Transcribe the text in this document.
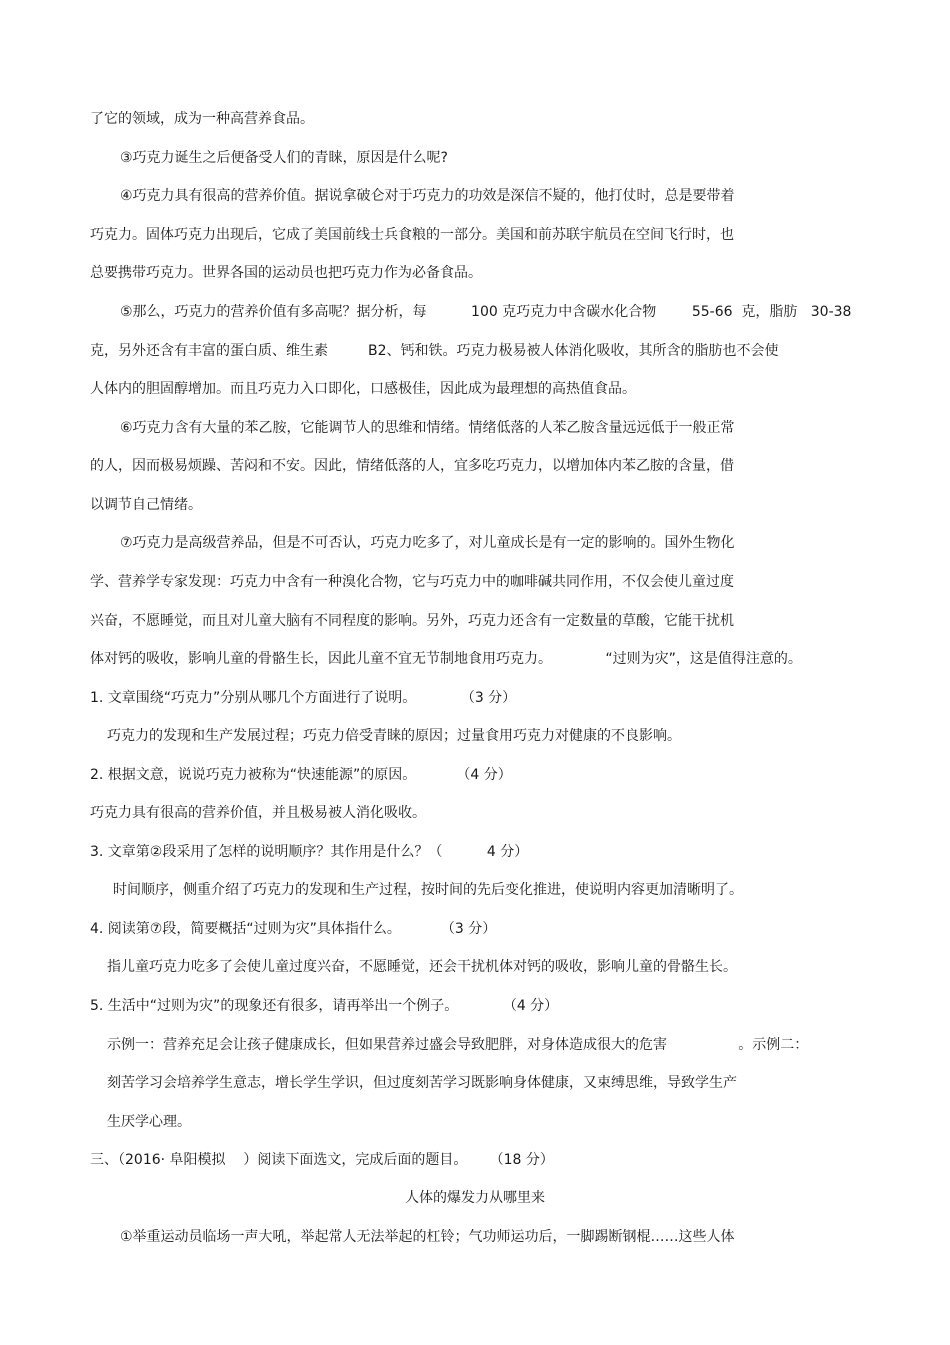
了它的领域，成为一种高营养食品。
③巧克力诞生之后便备受人们的青睐，原因是什么呢?
④巧克力具有很高的营养价值。据说拿破仑对于巧克力的功效是深信不疑的，他打仗时，总是要带着
巧克力。固体巧克力出现后，它成了美国前线士兵食粮的一部分。美国和前苏联宇航员在空间飞行时，也
总要携带巧克力。世界各国的运动员也把巧克力作为必备食品。
⑤那么，巧克力的营养价值有多高呢？据分析，每          100 克巧克力中含碳水化合物        55-66  克，脂肪   30-38
克，另外还含有丰富的蛋白质、维生素         B2、钙和铁。巧克力极易被人体消化吸收，其所含的脂肪也不会使
人体内的胆固醇增加。而且巧克力入口即化，口感极佳，因此成为最理想的高热值食品。
⑥巧克力含有大量的苯乙胺，它能调节人的思维和情绪。情绪低落的人苯乙胺含量远远低于一般正常
的人，因而极易烦躁、苦闷和不安。因此，情绪低落的人，宜多吃巧克力，以增加体内苯乙胺的含量，借
以调节自己情绪。
⑦巧克力是高级营养品，但是不可否认，巧克力吃多了，对儿童成长是有一定的影响的。国外生物化
学、营养学专家发现：巧克力中含有一种溴化合物，它与巧克力中的咖啡碱共同作用，不仅会使儿童过度
兴奋，不愿睡觉，而且对儿童大脑有不同程度的影响。另外，巧克力还含有一定数量的草酸，它能干扰机
体对钙的吸收，影响儿童的骨骼生长，因此儿童不宜无节制地食用巧克力。            “过则为灾”，这是值得注意的。
1. 文章围绕“巧克力”分别从哪几个方面进行了说明。          （3 分）
巧克力的发现和生产发展过程；巧克力倍受青睐的原因；过量食用巧克力对健康的不良影响。
2. 根据文意，说说巧克力被称为“快速能源”的原因。         （4 分）
巧克力具有很高的营养价值，并且极易被人消化吸收。
3. 文章第②段采用了怎样的说明顺序？其作用是什么？（          4 分）
时间顺序，侧重介绍了巧克力的发现和生产过程，按时间的先后变化推进，使说明内容更加清晰明了。
4. 阅读第⑦段，简要概括“过则为灾”具体指什么。         （3 分）
指儿童巧克力吃多了会使儿童过度兴奋，不愿睡觉，还会干扰机体对钙的吸收，影响儿童的骨骼生长。
5. 生活中“过则为灾”的现象还有很多，请再举出一个例子。          （4 分）
示例一：营养充足会让孩子健康成长，但如果营养过盛会导致肥胖，对身体造成很大的危害                。示例二：
刻苦学习会培养学生意志，增长学生学识，但过度刻苦学习既影响身体健康，又束缚思维，导致学生产
生厌学心理。
三、（2016· 阜阳模拟    ）阅读下面选文，完成后面的题目。     （18 分）
人体的爆发力从哪里来
①举重运动员临场一声大吼，举起常人无法举起的杠铃；气功师运功后，一脚踢断钢棍……这些人体
